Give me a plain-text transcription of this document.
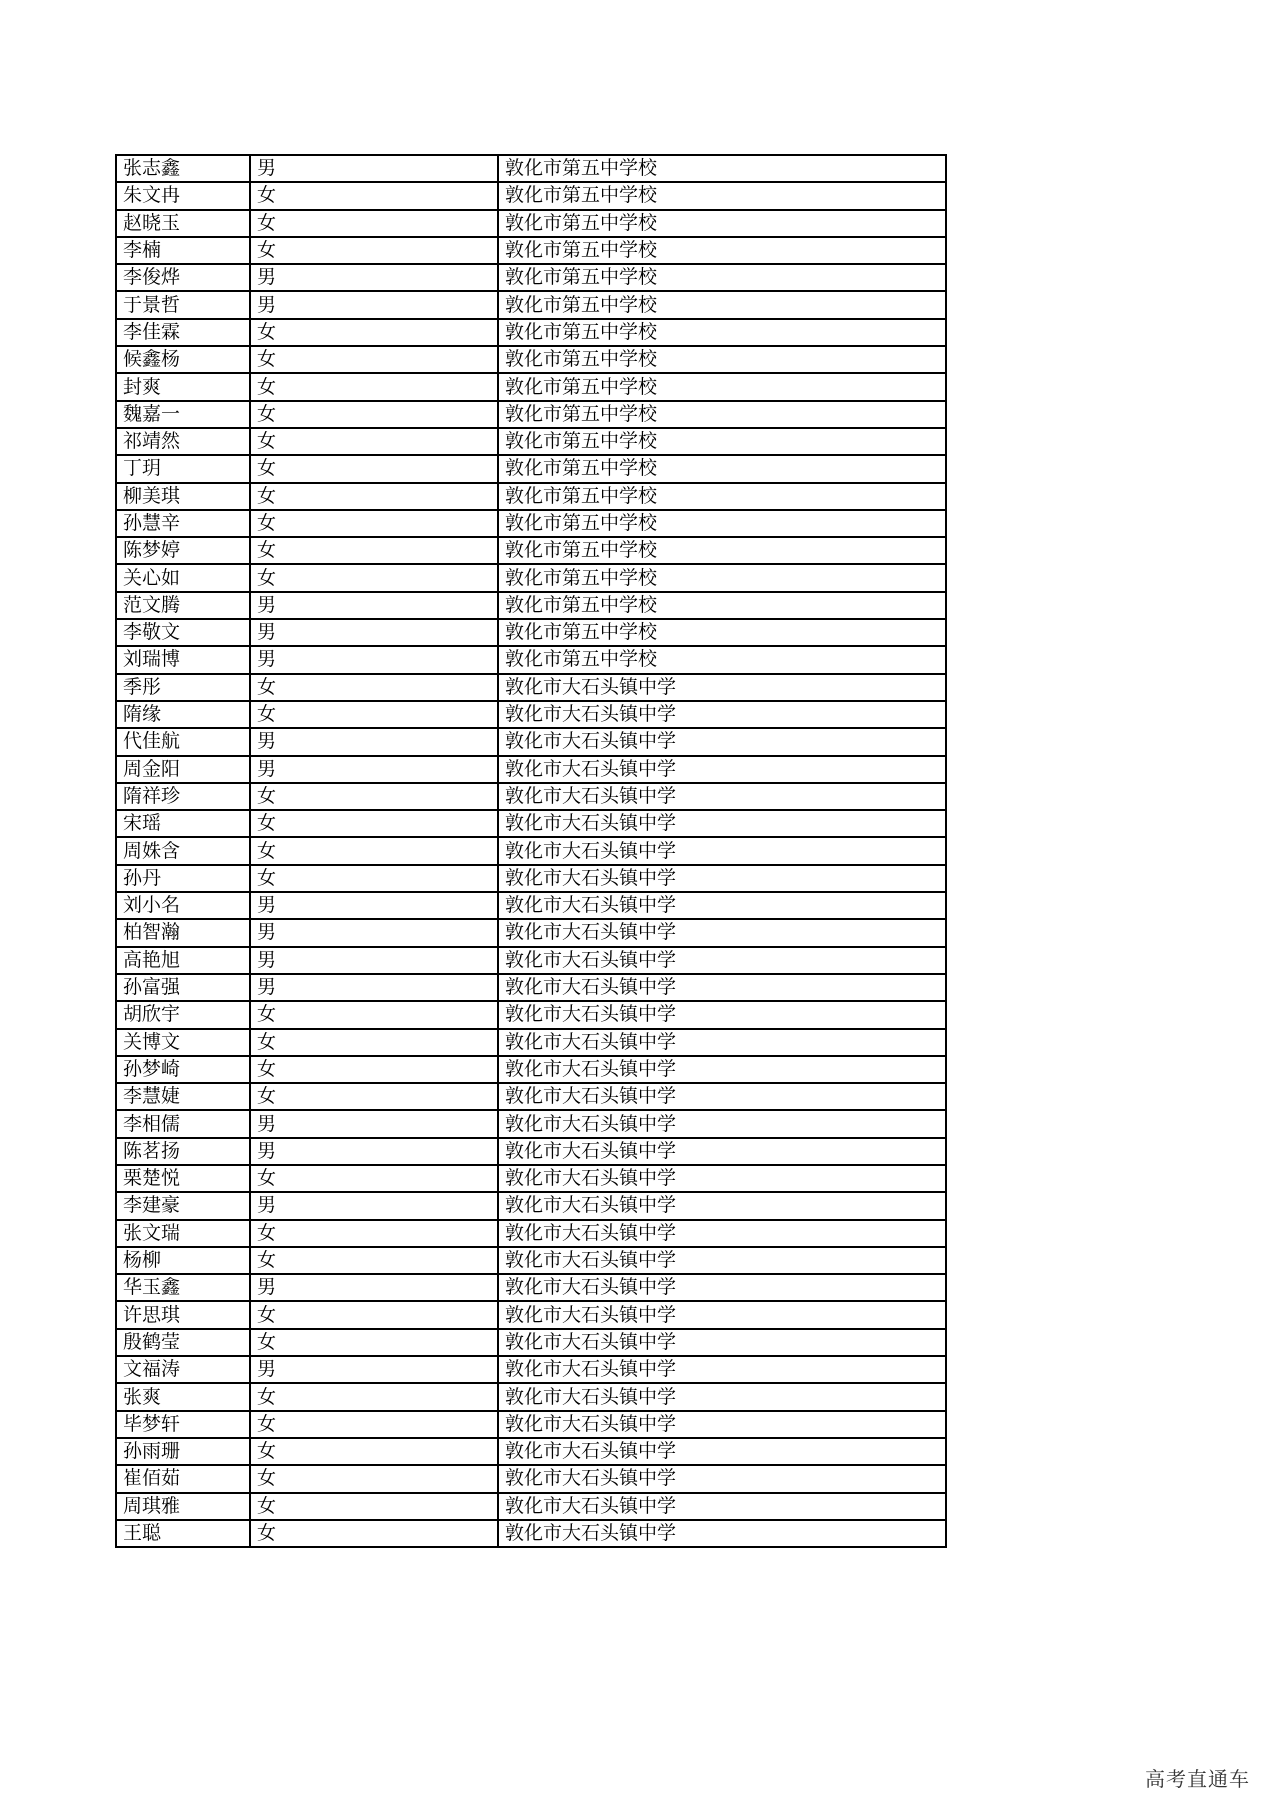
张志鑫	男	敦化市第五中学校
朱文冉	女	敦化市第五中学校
赵晓玉	女	敦化市第五中学校
李楠	女	敦化市第五中学校
李俊烨	男	敦化市第五中学校
于景哲	男	敦化市第五中学校
李佳霖	女	敦化市第五中学校
候鑫杨	女	敦化市第五中学校
封爽	女	敦化市第五中学校
魏嘉一	女	敦化市第五中学校
祁靖然	女	敦化市第五中学校
丁玥	女	敦化市第五中学校
柳美琪	女	敦化市第五中学校
孙慧辛	女	敦化市第五中学校
陈梦婷	女	敦化市第五中学校
关心如	女	敦化市第五中学校
范文腾	男	敦化市第五中学校
李敬文	男	敦化市第五中学校
刘瑞博	男	敦化市第五中学校
季彤	女	敦化市大石头镇中学
隋缘	女	敦化市大石头镇中学
代佳航	男	敦化市大石头镇中学
周金阳	男	敦化市大石头镇中学
隋祥珍	女	敦化市大石头镇中学
宋瑶	女	敦化市大石头镇中学
周姝含	女	敦化市大石头镇中学
孙丹	女	敦化市大石头镇中学
刘小名	男	敦化市大石头镇中学
柏智瀚	男	敦化市大石头镇中学
高艳旭	男	敦化市大石头镇中学
孙富强	男	敦化市大石头镇中学
胡欣宇	女	敦化市大石头镇中学
关博文	女	敦化市大石头镇中学
孙梦崎	女	敦化市大石头镇中学
李慧婕	女	敦化市大石头镇中学
李相儒	男	敦化市大石头镇中学
陈茗扬	男	敦化市大石头镇中学
栗楚悦	女	敦化市大石头镇中学
李建豪	男	敦化市大石头镇中学
张文瑞	女	敦化市大石头镇中学
杨柳	女	敦化市大石头镇中学
华玉鑫	男	敦化市大石头镇中学
许思琪	女	敦化市大石头镇中学
殷鹤莹	女	敦化市大石头镇中学
文福涛	男	敦化市大石头镇中学
张爽	女	敦化市大石头镇中学
毕梦轩	女	敦化市大石头镇中学
孙雨珊	女	敦化市大石头镇中学
崔佰茹	女	敦化市大石头镇中学
周琪雅	女	敦化市大石头镇中学
王聪	女	敦化市大石头镇中学
高考直通车
